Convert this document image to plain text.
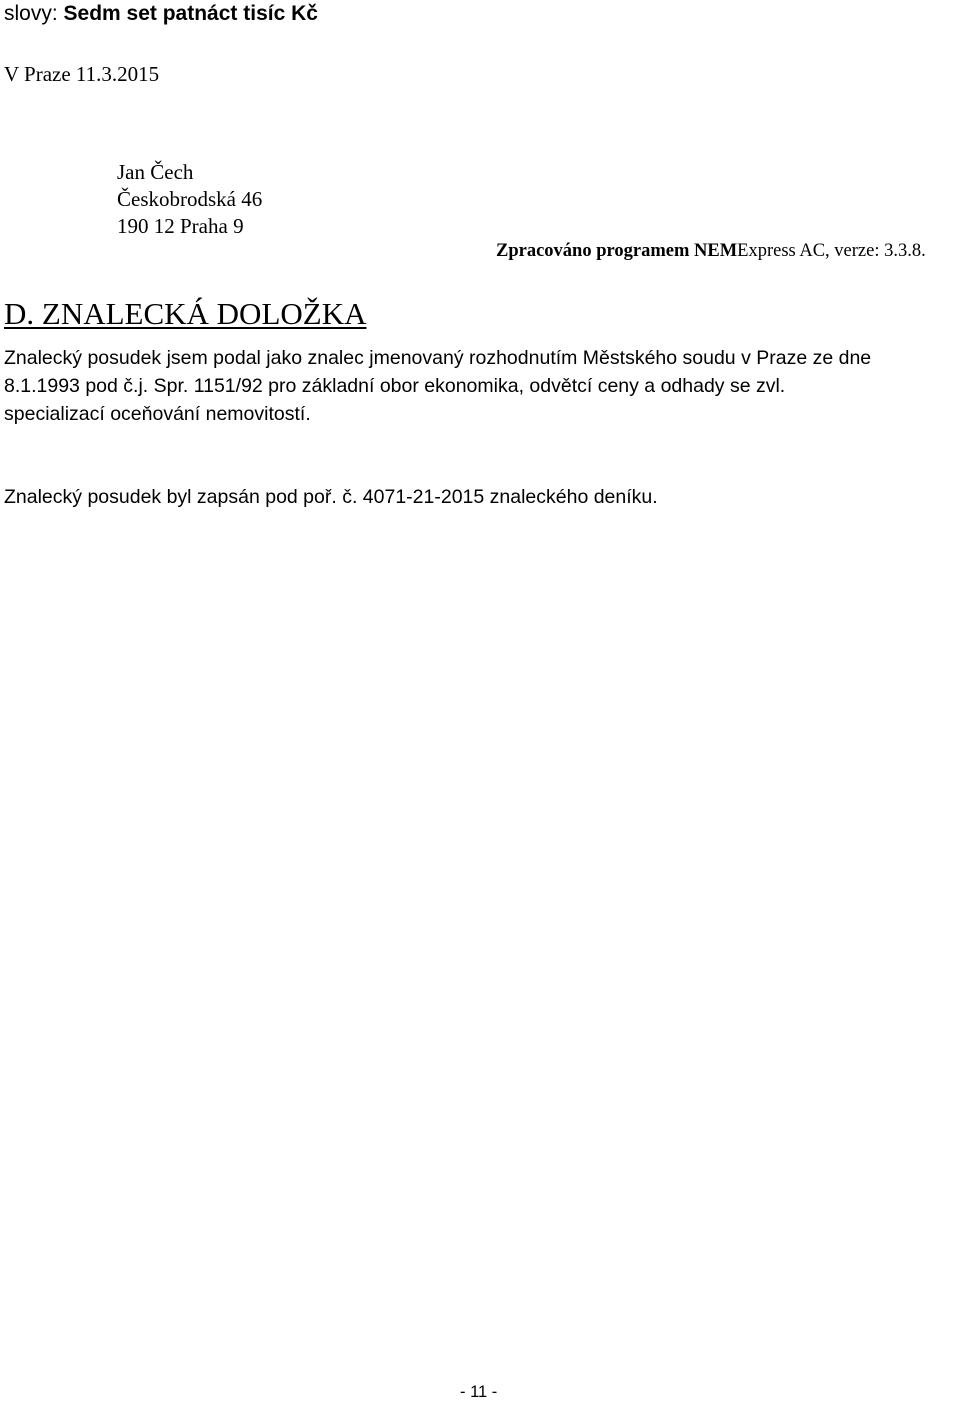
slovy: Sedm set patnáct tisíc Kč
V Praze 11.3.2015
Jan Čech
Českobrodská 46
190 12 Praha 9
Zpracováno programem NEMExpress AC, verze: 3.3.8.
D. ZNALECKÁ DOLOŽKA
Znalecký posudek jsem podal jako znalec jmenovaný rozhodnutím Městského soudu v Praze ze dne
8.1.1993 pod č.j. Spr. 1151/92 pro základní obor ekonomika, odvětcí ceny a odhady se zvl.
specializací oceňování nemovitostí.
Znalecký posudek byl zapsán pod poř. č. 4071-21-2015 znaleckého deníku.
- 11 -
